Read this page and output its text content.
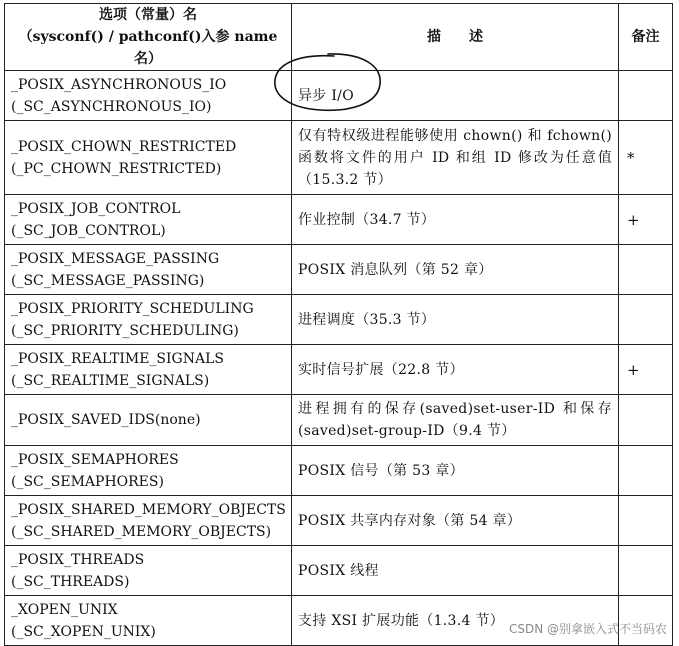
选项（常量）名
（sysconf() / pathconf()入参 name 名）	描　　述	备注
_POSIX_ASYNCHRONOUS_IO
(_SC_ASYNCHRONOUS_IO)	异步 I/O	
_POSIX_CHOWN_RESTRICTED
(_PC_CHOWN_RESTRICTED)	仅有特权级进程能够使用 chown() 和 fchown() 函数将文件的用户 ID 和组 ID 修改为任意值（15.3.2 节）	*
_POSIX_JOB_CONTROL
(_SC_JOB_CONTROL)	作业控制（34.7 节）	+
_POSIX_MESSAGE_PASSING
(_SC_MESSAGE_PASSING)	POSIX 消息队列（第 52 章）	
_POSIX_PRIORITY_SCHEDULING
(_SC_PRIORITY_SCHEDULING)	进程调度（35.3 节）	
_POSIX_REALTIME_SIGNALS
(_SC_REALTIME_SIGNALS)	实时信号扩展（22.8 节）	+
_POSIX_SAVED_IDS(none)	进程拥有的保存(saved)set-user-ID 和保存(saved)set-group-ID（9.4 节）	
_POSIX_SEMAPHORES
(_SC_SEMAPHORES)	POSIX 信号（第 53 章）	
_POSIX_SHARED_MEMORY_OBJECTS
(_SC_SHARED_MEMORY_OBJECTS)	POSIX 共享内存对象（第 54 章）	
_POSIX_THREADS
(_SC_THREADS)	POSIX 线程	
_XOPEN_UNIX
(_SC_XOPEN_UNIX)	支持 XSI 扩展功能（1.3.4 节）	
CSDN @别拿嵌入式不当码农
